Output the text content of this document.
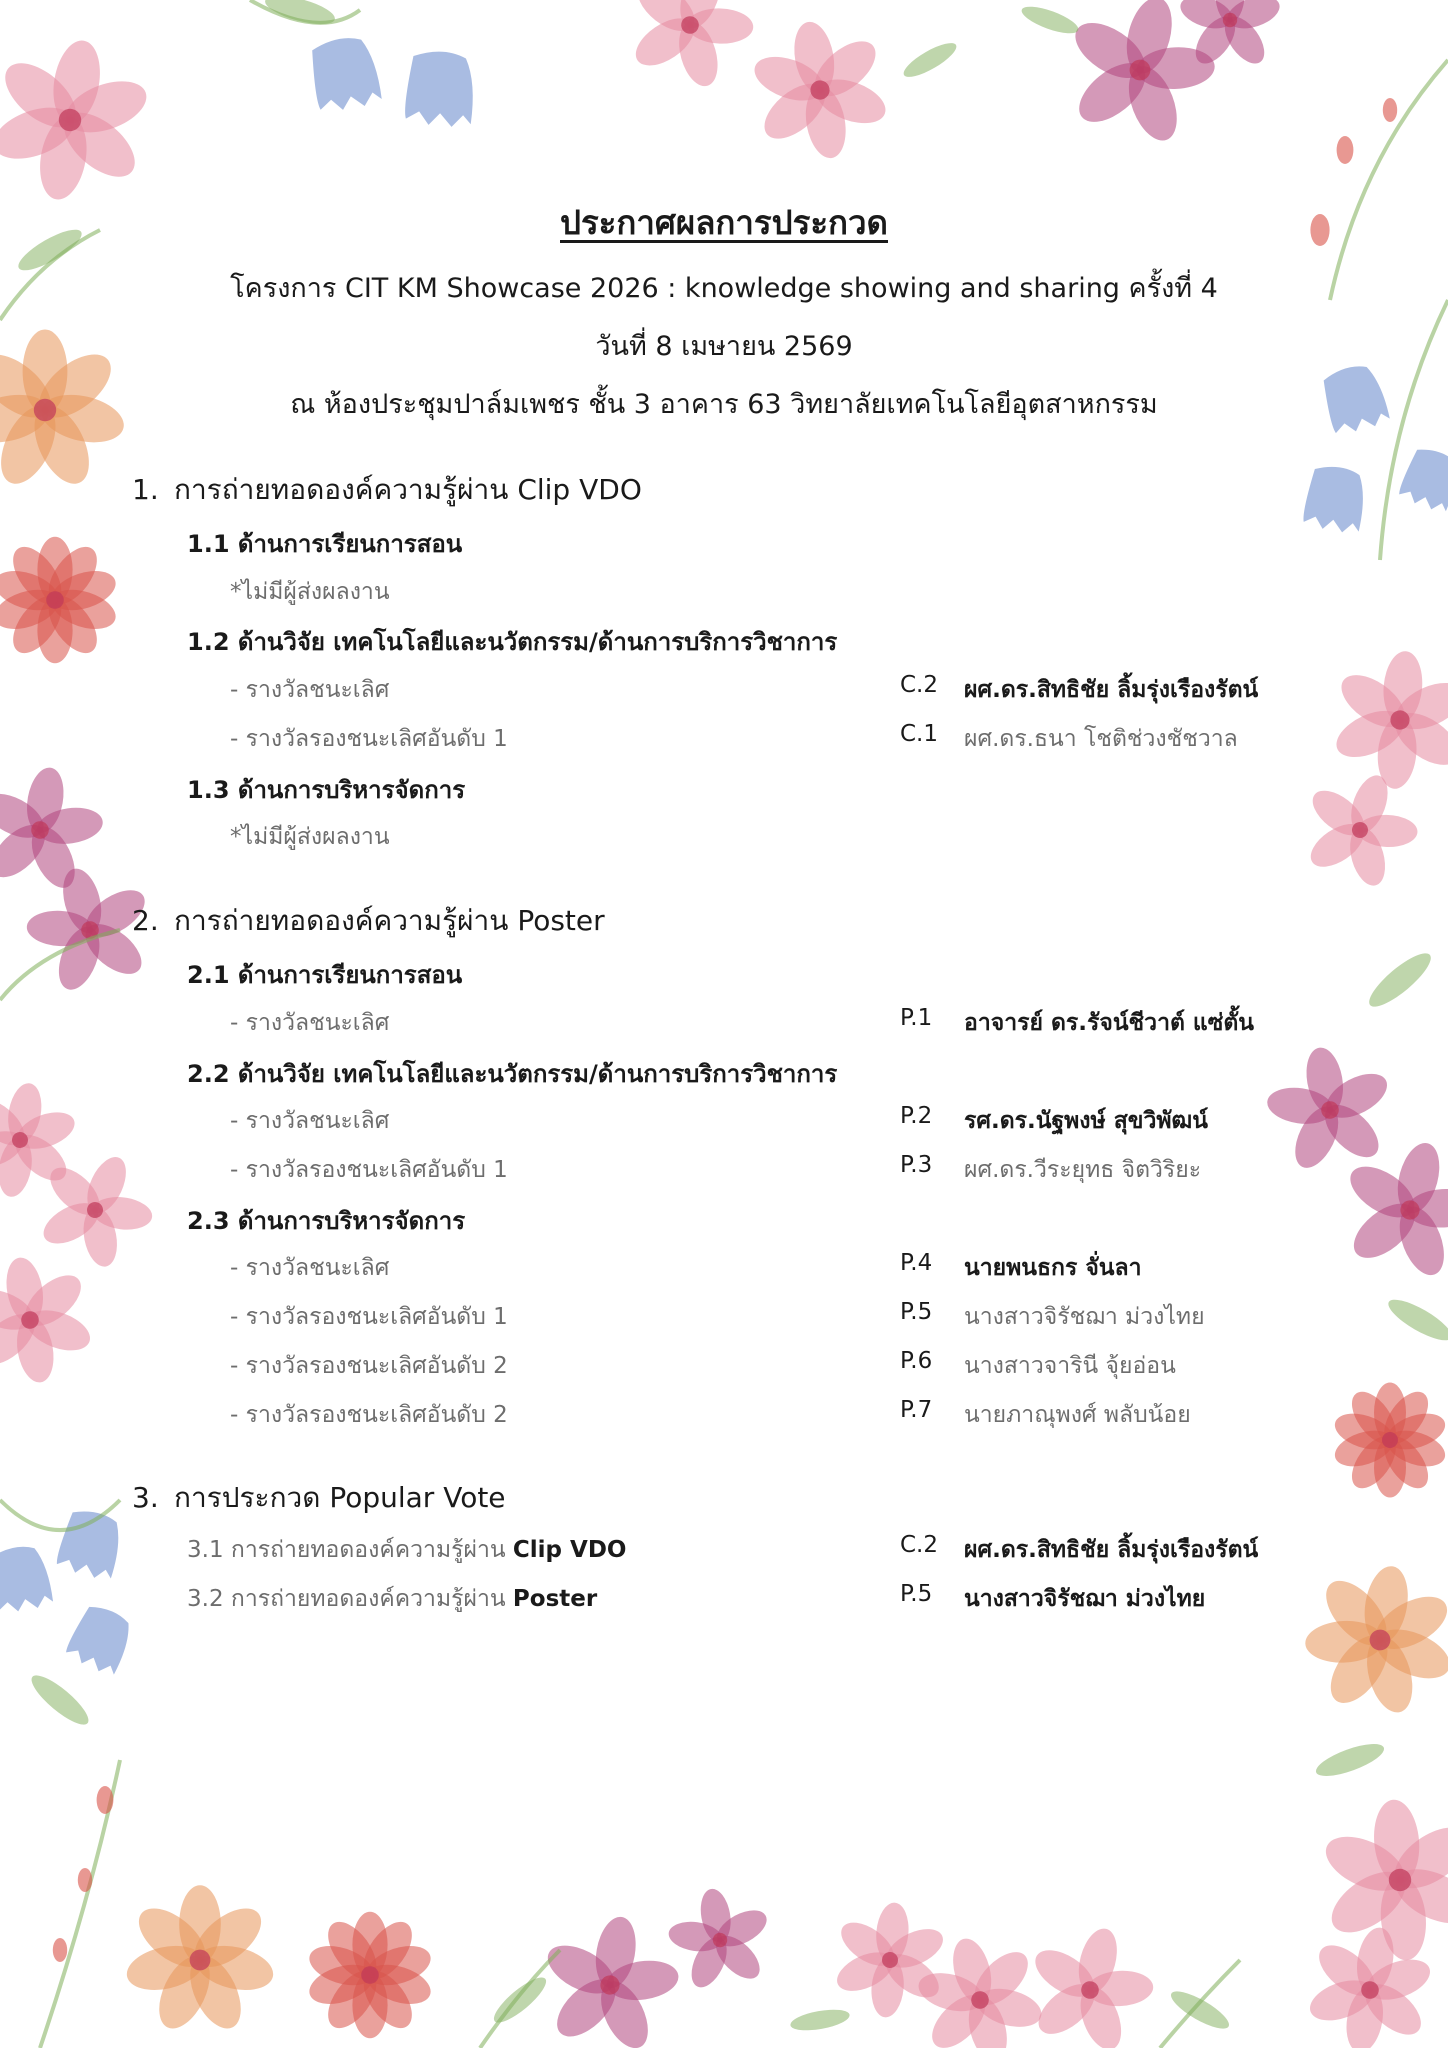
ประกาศผลการประกวด
โครงการ CIT KM Showcase 2026 : knowledge showing and sharing ครั้งที่ 4
วันที่ 8 เมษายน 2569
ณ ห้องประชุมปาล์มเพชร ชั้น 3 อาคาร 63 วิทยาลัยเทคโนโลยีอุตสาหกรรม
1. การถ่ายทอดองค์ความรู้ผ่าน Clip VDO
1.1 ด้านการเรียนการสอน
*ไม่มีผู้ส่งผลงาน
1.2 ด้านวิจัย เทคโนโลยีและนวัตกรรม/ด้านการบริการวิชาการ
- รางวัลชนะเลิศ	C.2 ผศ.ดร.สิทธิชัย ลิ้มรุ่งเรืองรัตน์
- รางวัลรองชนะเลิศอันดับ 1	C.1 ผศ.ดร.ธนา โชติช่วงชัชวาล
1.3 ด้านการบริหารจัดการ
*ไม่มีผู้ส่งผลงาน
2. การถ่ายทอดองค์ความรู้ผ่าน Poster
2.1 ด้านการเรียนการสอน
- รางวัลชนะเลิศ	P.1 อาจารย์ ดร.รัจน์ชีวาต์ แซ่ตั้น
2.2 ด้านวิจัย เทคโนโลยีและนวัตกรรม/ด้านการบริการวิชาการ
- รางวัลชนะเลิศ	P.2 รศ.ดร.นัฐพงษ์ สุขวิพัฒน์
- รางวัลรองชนะเลิศอันดับ 1	P.3 ผศ.ดร.วีระยุทธ จิตวิริยะ
2.3 ด้านการบริหารจัดการ
- รางวัลชนะเลิศ	P.4 นายพนธกร จั่นลา
- รางวัลรองชนะเลิศอันดับ 1	P.5 นางสาวจิรัชฌา ม่วงไทย
- รางวัลรองชนะเลิศอันดับ 2	P.6 นางสาวจารินี จุ้ยอ่อน
- รางวัลรองชนะเลิศอันดับ 2	P.7 นายภาณุพงศ์ พลับน้อย
3. การประกวด Popular Vote
3.1 การถ่ายทอดองค์ความรู้ผ่าน Clip VDO	C.2 ผศ.ดร.สิทธิชัย ลิ้มรุ่งเรืองรัตน์
3.2 การถ่ายทอดองค์ความรู้ผ่าน Poster	P.5 นางสาวจิรัชฌา ม่วงไทย
